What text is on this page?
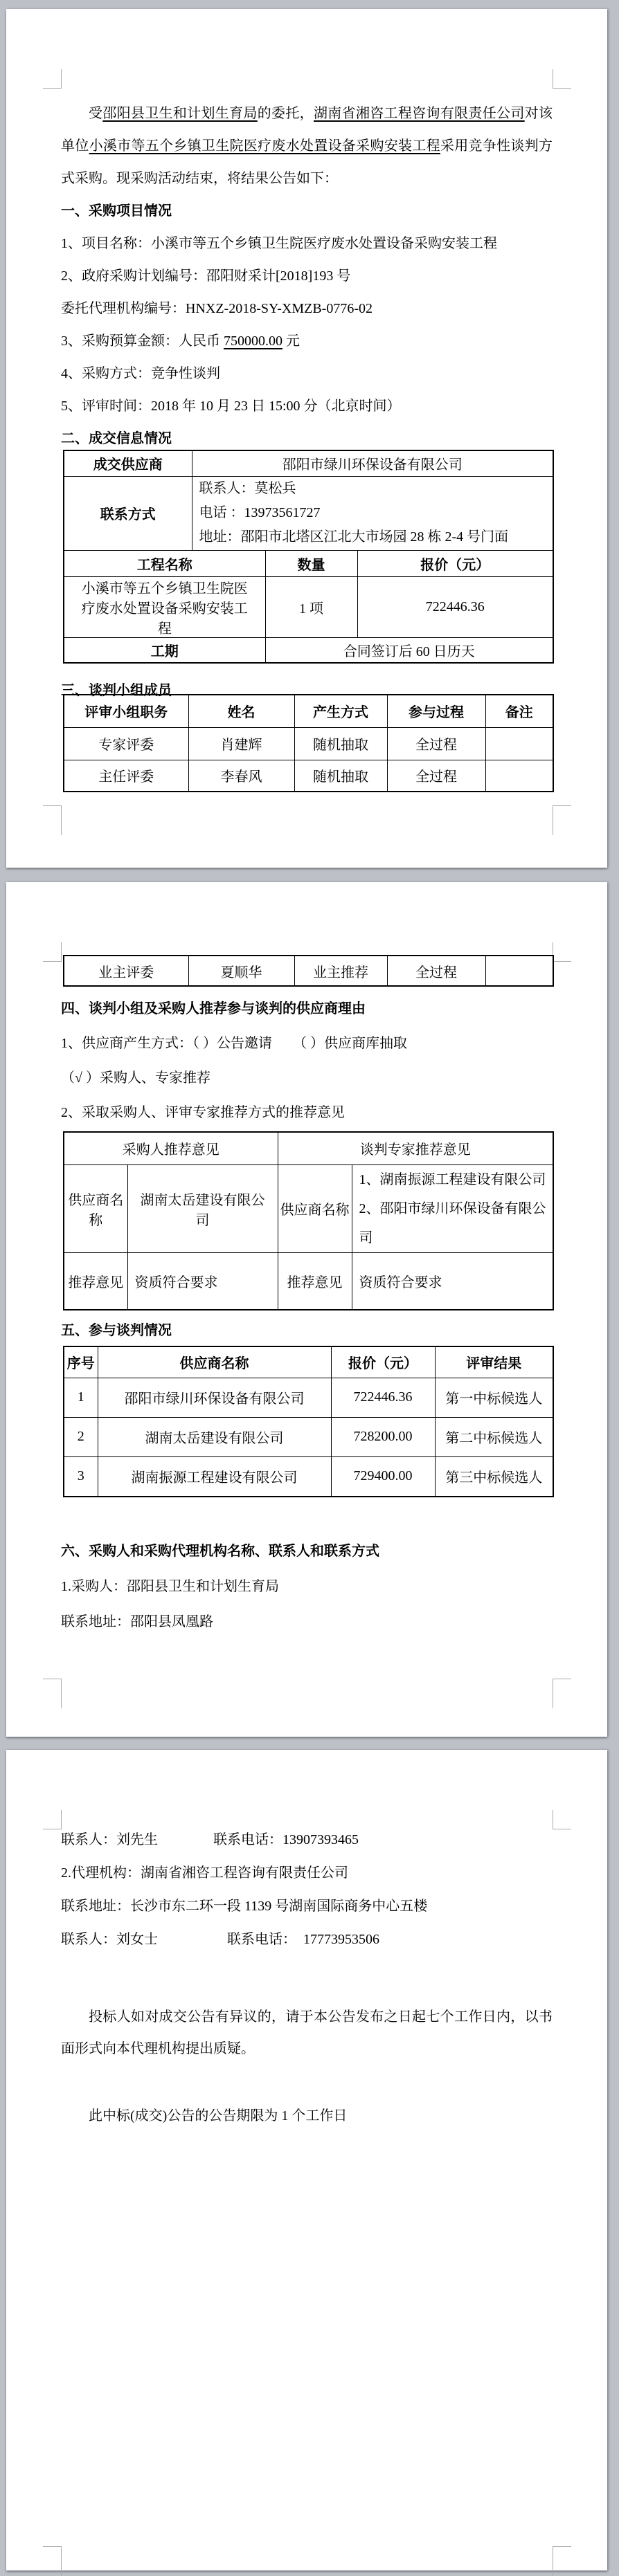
受邵阳县卫生和计划生育局的委托，湖南省湘咨工程咨询有限责任公司对该单位小溪市等五个乡镇卫生院医疗废水处置设备采购安装工程采用竞争性谈判方式采购。现采购活动结束，将结果公告如下：

一、采购项目情况

1、项目名称：小溪市等五个乡镇卫生院医疗废水处置设备采购安装工程

2、政府采购计划编号：邵阳财采计[2018]193 号

委托代理机构编号：HNXZ-2018-SY-XMZB-0776-02

3、采购预算金额：人民币 750000.00 元

4、采购方式：竞争性谈判

5、评审时间：2018 年 10 月 23 日 15:00 分（北京时间）

二、成交信息情况

成交供应商	邵阳市绿川环保设备有限公司		
联系方式	联系人：莫松兵
电话 ：13973561727
地址：邵阳市北塔区江北大市场园 28 栋 2-4 号门面		

工程名称		数量	报价（元）
小溪市等五个乡镇卫生院医疗废水处置设备采购安装工程		1 项	722446.36
工期		合同签订后 60 日历天	

三、谈判小组成员

评审小组职务	姓名	产生方式	参与过程	备注
专家评委	肖建辉	随机抽取	全过程	
主任评委	李春风	随机抽取	全过程	
业主评委	夏顺华	业主推荐	全过程	

四、谈判小组及采购人推荐参与谈判的供应商理由

1、供应商产生方式：（ ）公告邀请　　（ ）供应商库抽取

（√ ）采购人、专家推荐

2、采取采购人、评审专家推荐方式的推荐意见

采购人推荐意见		谈判专家推荐意见	
供应商名称	湖南太岳建设有限公司	供应商名称	1、湖南振源工程建设有限公司
2、邵阳市绿川环保设备有限公司

推荐意见	资质符合要求	推荐意见	资质符合要求

五、参与谈判情况

序号	供应商名称	报价（元）	评审结果
1	邵阳市绿川环保设备有限公司	722446.36	第一中标候选人
2	湖南太岳建设有限公司	728200.00	第二中标候选人
3	湖南振源工程建设有限公司	729400.00	第三中标候选人

六、采购人和采购代理机构名称、联系人和联系方式

1.采购人：邵阳县卫生和计划生育局

联系地址：邵阳县凤凰路

联系人：刘先生　　　　联系电话：13907393465

2.代理机构：湖南省湘咨工程咨询有限责任公司

联系地址：长沙市东二环一段 1139 号湖南国际商务中心五楼

联系人：刘女士　　　　　联系电话：  17773953506

投标人如对成交公告有异议的，请于本公告发布之日起七个工作日内，以书面形式向本代理机构提出质疑。

此中标(成交)公告的公告期限为 1 个工作日
